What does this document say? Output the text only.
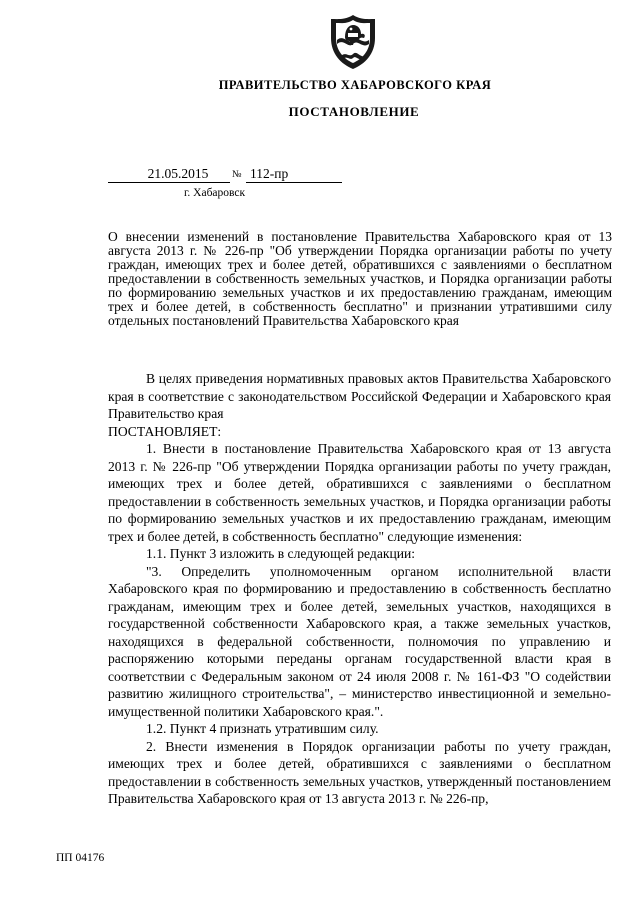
ПРАВИТЕЛЬСТВО ХАБАРОВСКОГО КРАЯ
ПОСТАНОВЛЕНИЕ
21.05.2015	№ 112-пр
г. Хабаровск
О внесении изменений в постановление Правительства Хабаровского края от 13 августа 2013 г. № 226-пр "Об утверждении Порядка организации работы по учету граждан, имеющих трех и более детей, обратившихся с заявлениями о бесплатном предоставлении в собственность земельных участков, и Порядка организации работы по формированию земельных участков и их предоставлению гражданам, имеющим трех и более детей, в собственность бесплатно" и признании утратившими силу отдельных постановлений Правительства Хабаровского края

В целях приведения нормативных правовых актов Правительства Хабаровского края в соответствие с законодательством Российской Федерации и Хабаровского края Правительство края

ПОСТАНОВЛЯЕТ:

1. Внести в постановление Правительства Хабаровского края от 13 августа 2013 г. № 226-пр "Об утверждении Порядка организации работы по учету граждан, имеющих трех и более детей, обратившихся с заявлениями о бесплатном предоставлении в собственность земельных участков, и Порядка организации работы по формированию земельных участков и их предоставлению гражданам, имеющим трех и более детей, в собственность бесплатно" следующие изменения:

1.1. Пункт 3 изложить в следующей редакции:

"3. Определить уполномоченным органом исполнительной власти Хабаровского края по формированию и предоставлению в собственность бесплатно гражданам, имеющим трех и более детей, земельных участков, находящихся в государственной собственности Хабаровского края, а также земельных участков, находящихся в федеральной собственности, полномочия по управлению и распоряжению которыми переданы органам государственной власти края в соответствии с Федеральным законом от 24 июля 2008 г. № 161-ФЗ "О содействии развитию жилищного строительства", – министерство инвестиционной и земельно-имущественной политики Хабаровского края.".

1.2. Пункт 4 признать утратившим силу.

2. Внести изменения в Порядок организации работы по учету граждан, имеющих трех и более детей, обратившихся с заявлениями о бесплатном предоставлении в собственность земельных участков, утвержденный постановлением Правительства Хабаровского края от 13 августа 2013 г. № 226-пр,

ПП 04176
